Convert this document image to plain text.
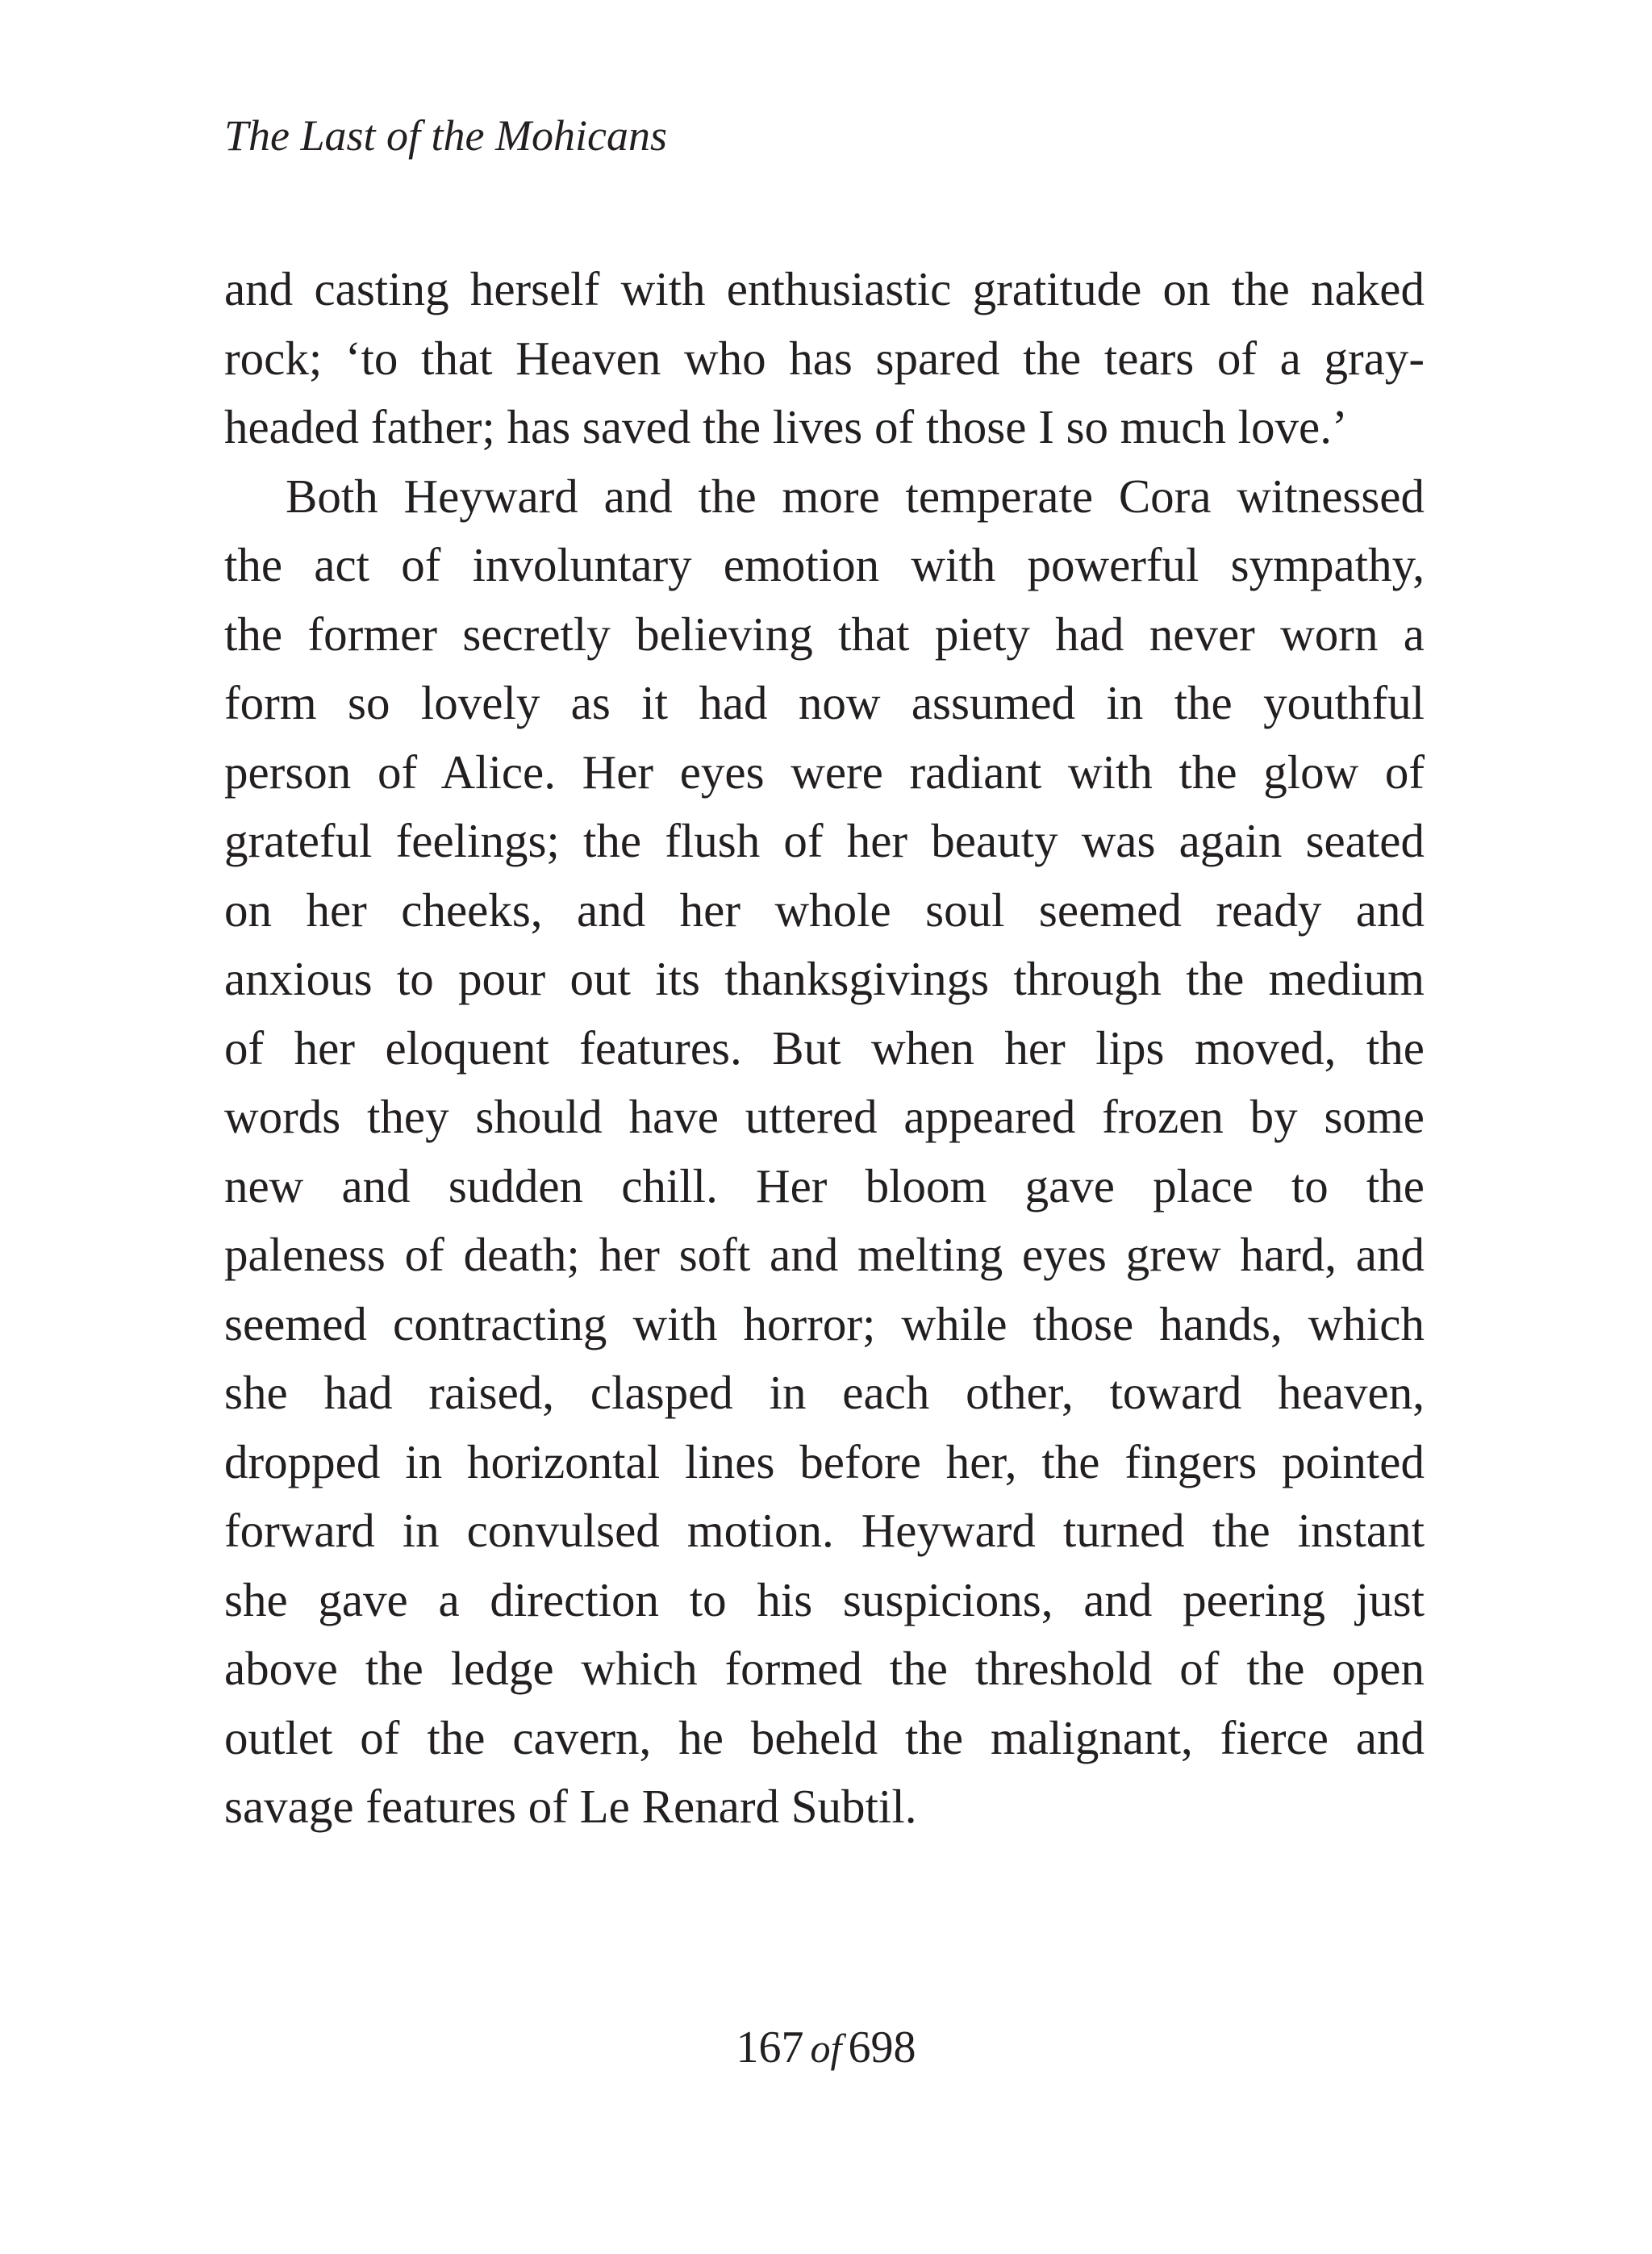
The Last of the Mohicans
and casting herself with enthusiastic gratitude on the naked
rock; ‘to that Heaven who has spared the tears of a gray-
headed father; has saved the lives of those I so much love.’
Both Heyward and the more temperate Cora witnessed
the act of involuntary emotion with powerful sympathy,
the former secretly believing that piety had never worn a
form so lovely as it had now assumed in the youthful
person of Alice. Her eyes were radiant with the glow of
grateful feelings; the flush of her beauty was again seated
on her cheeks, and her whole soul seemed ready and
anxious to pour out its thanksgivings through the medium
of her eloquent features. But when her lips moved, the
words they should have uttered appeared frozen by some
new and sudden chill. Her bloom gave place to the
paleness of death; her soft and melting eyes grew hard, and
seemed contracting with horror; while those hands, which
she had raised, clasped in each other, toward heaven,
dropped in horizontal lines before her, the fingers pointed
forward in convulsed motion. Heyward turned the instant
she gave a direction to his suspicions, and peering just
above the ledge which formed the threshold of the open
outlet of the cavern, he beheld the malignant, fierce and
savage features of Le Renard Subtil.
167 of 698
